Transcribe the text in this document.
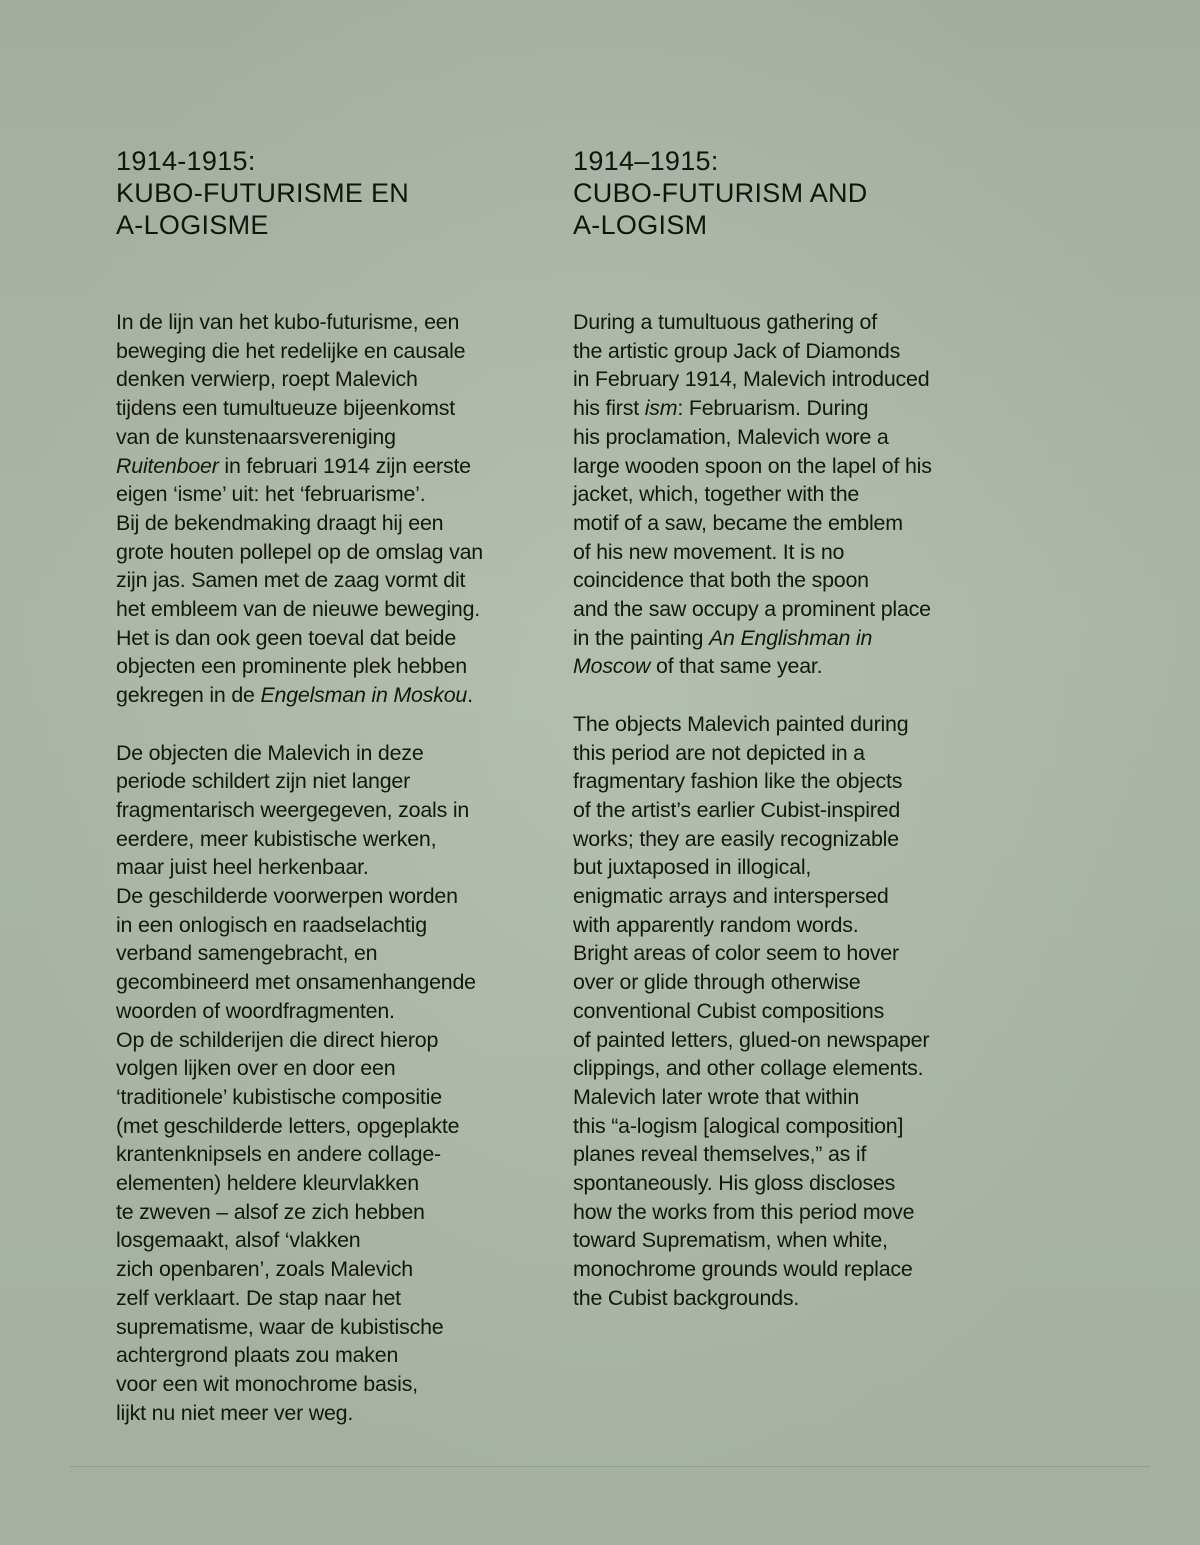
1914-1915:
KUBO-FUTURISME EN
A-LOGISME
In de lijn van het kubo-futurisme, een
beweging die het redelijke en causale
denken verwierp, roept Malevich
tijdens een tumultueuze bijeenkomst
van de kunstenaarsvereniging
Ruitenboer in februari 1914 zijn eerste
eigen ‘isme’ uit: het ‘februarisme’.
Bij de bekendmaking draagt hij een
grote houten pollepel op de omslag van
zijn jas. Samen met de zaag vormt dit
het embleem van de nieuwe beweging.
Het is dan ook geen toeval dat beide
objecten een prominente plek hebben
gekregen in de Engelsman in Moskou.
De objecten die Malevich in deze
periode schildert zijn niet langer
fragmentarisch weergegeven, zoals in
eerdere, meer kubistische werken,
maar juist heel herkenbaar.
De geschilderde voorwerpen worden
in een onlogisch en raadselachtig
verband samengebracht, en
gecombineerd met onsamenhangende
woorden of woordfragmenten.
Op de schilderijen die direct hierop
volgen lijken over en door een
‘traditionele’ kubistische compositie
(met geschilderde letters, opgeplakte
krantenknipsels en andere collage-
elementen) heldere kleurvlakken
te zweven – alsof ze zich hebben
losgemaakt, alsof ‘vlakken
zich openbaren’, zoals Malevich
zelf verklaart. De stap naar het
suprematisme, waar de kubistische
achtergrond plaats zou maken
voor een wit monochrome basis,
lijkt nu niet meer ver weg.
1914–1915:
CUBO-FUTURISM AND
A-LOGISM
During a tumultuous gathering of
the artistic group Jack of Diamonds
in February 1914, Malevich introduced
his first ism: Februarism. During
his proclamation, Malevich wore a
large wooden spoon on the lapel of his
jacket, which, together with the
motif of a saw, became the emblem
of his new movement. It is no
coincidence that both the spoon
and the saw occupy a prominent place
in the painting An Englishman in
Moscow of that same year.
The objects Malevich painted during
this period are not depicted in a
fragmentary fashion like the objects
of the artist’s earlier Cubist-inspired
works; they are easily recognizable
but juxtaposed in illogical,
enigmatic arrays and interspersed
with apparently random words.
Bright areas of color seem to hover
over or glide through otherwise
conventional Cubist compositions
of painted letters, glued-on newspaper
clippings, and other collage elements.
Malevich later wrote that within
this “a-logism [alogical composition]
planes reveal themselves,” as if
spontaneously. His gloss discloses
how the works from this period move
toward Suprematism, when white,
monochrome grounds would replace
the Cubist backgrounds.
